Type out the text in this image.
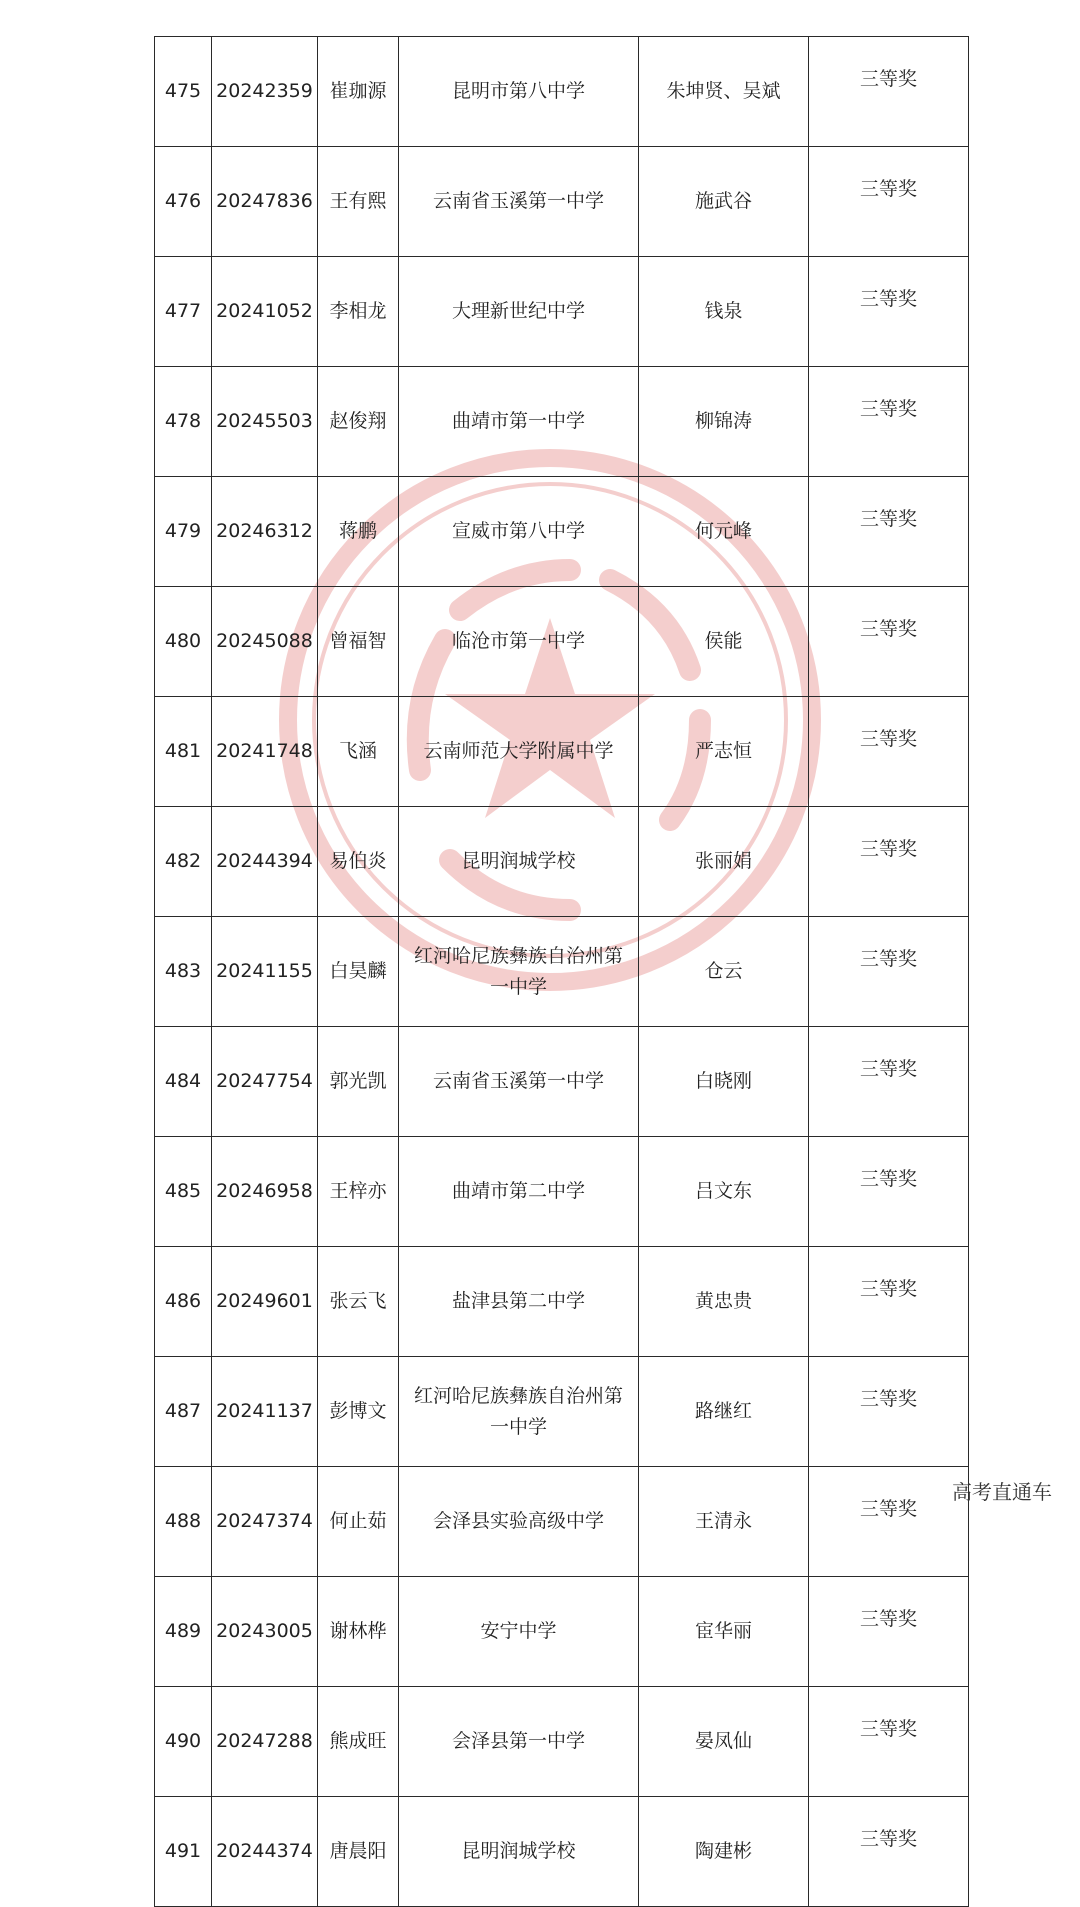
475	20242359	崔珈源	昆明市第八中学	朱坤贤、吴斌	三等奖
476	20247836	王有熙	云南省玉溪第一中学	施武谷	三等奖
477	20241052	李相龙	大理新世纪中学	钱泉	三等奖
478	20245503	赵俊翔	曲靖市第一中学	柳锦涛	三等奖
479	20246312	蒋鹏	宣威市第八中学	何元峰	三等奖
480	20245088	曾福智	临沧市第一中学	侯能	三等奖
481	20241748	飞涵	云南师范大学附属中学	严志恒	三等奖
482	20244394	易伯炎	昆明润城学校	张丽娟	三等奖
483	20241155	白昊麟	红河哈尼族彝族自治州第一中学	仓云	三等奖
484	20247754	郭光凯	云南省玉溪第一中学	白晓刚	三等奖
485	20246958	王梓亦	曲靖市第二中学	吕文东	三等奖
486	20249601	张云飞	盐津县第二中学	黄忠贵	三等奖
487	20241137	彭博文	红河哈尼族彝族自治州第一中学	路继红	三等奖
488	20247374	何止茹	会泽县实验高级中学	王清永	三等奖
489	20243005	谢林桦	安宁中学	宦华丽	三等奖
490	20247288	熊成旺	会泽县第一中学	晏凤仙	三等奖
491	20244374	唐晨阳	昆明润城学校	陶建彬	三等奖
高考直通车
